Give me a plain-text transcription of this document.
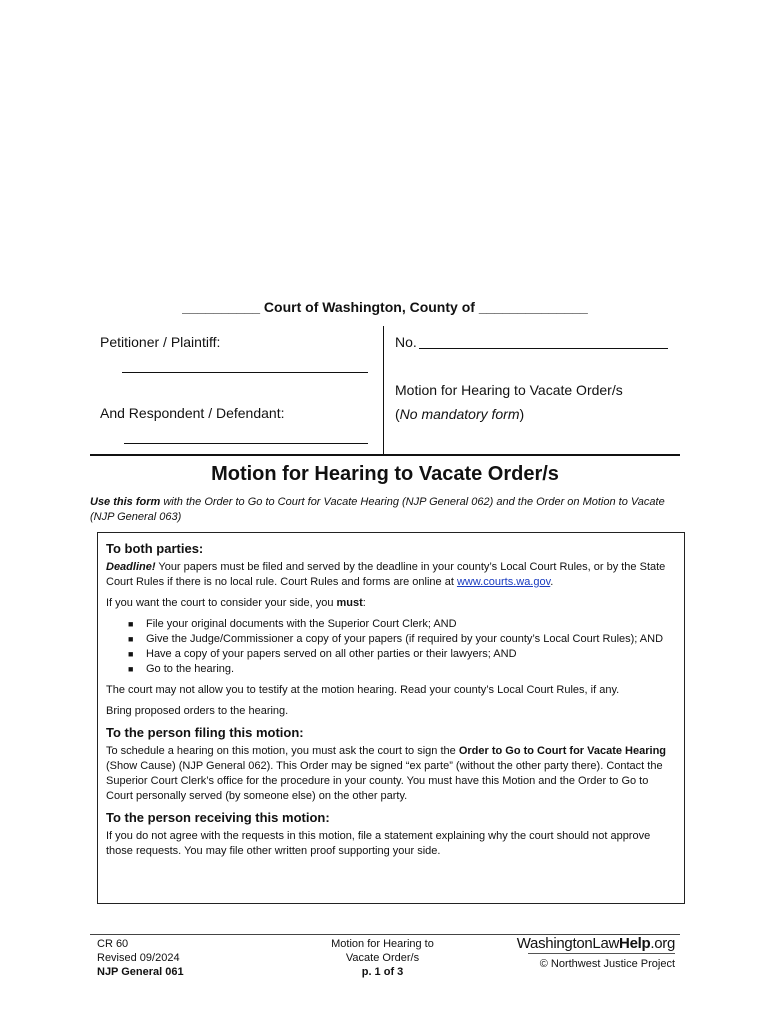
__________ Court of Washington, County of ______________
Petitioner / Plaintiff:
And Respondent / Defendant:
No.
Motion for Hearing to Vacate Order/s
(No mandatory form)
Motion for Hearing to Vacate Order/s
Use this form with the Order to Go to Court for Vacate Hearing (NJP General 062) and the Order on Motion to Vacate (NJP General 063)
To both parties:

Deadline! Your papers must be filed and served by the deadline in your county’s Local Court Rules, or by the State Court Rules if there is no local rule. Court Rules and forms are online at www.courts.wa.gov.

If you want the court to consider your side, you must:

■ File your original documents with the Superior Court Clerk; AND
■ Give the Judge/Commissioner a copy of your papers (if required by your county’s Local Court Rules); AND
■ Have a copy of your papers served on all other parties or their lawyers; AND
■ Go to the hearing.

The court may not allow you to testify at the motion hearing. Read your county’s Local Court Rules, if any.

Bring proposed orders to the hearing.

To the person filing this motion:

To schedule a hearing on this motion, you must ask the court to sign the Order to Go to Court for Vacate Hearing (Show Cause) (NJP General 062). This Order may be signed “ex parte” (without the other party there). Contact the Superior Court Clerk’s office for the procedure in your county. You must have this Motion and the Order to Go to Court personally served (by someone else) on the other party.

To the person receiving this motion:

If you do not agree with the requests in this motion, file a statement explaining why the court should not approve those requests. You may file other written proof supporting your side.

CR 60
Revised 09/2024
NJP General 061
Motion for Hearing to
Vacate Order/s
p. 1 of 3
WashingtonLawHelp.org
© Northwest Justice Project
